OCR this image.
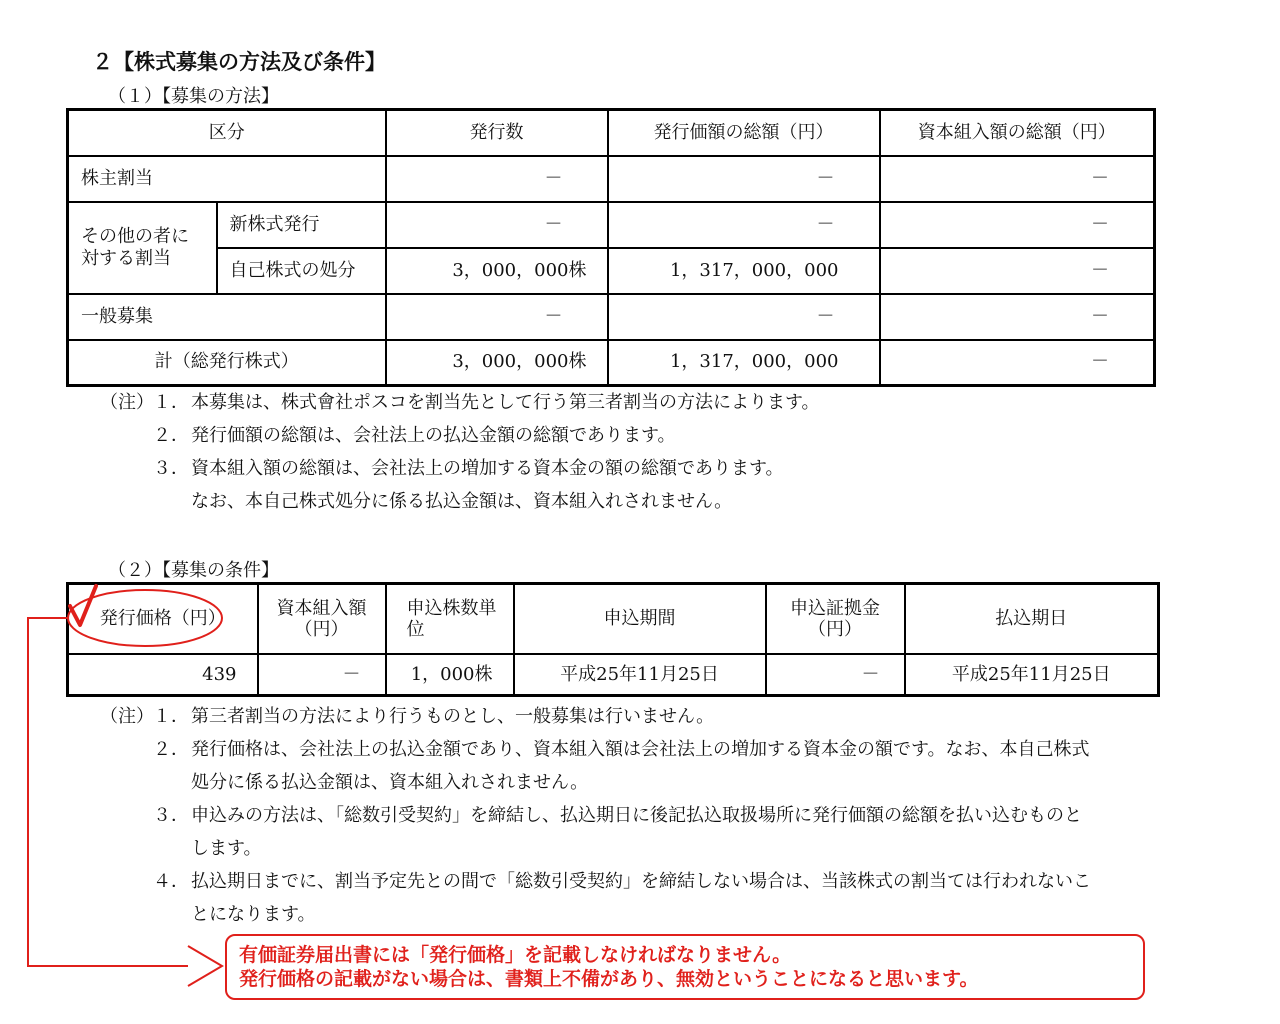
２【株式募集の方法及び条件】
（１）【募集の方法】
区分		発行数	発行価額の総額（円）	資本組入額の総額（円）
株主割当		－	－	－
その他の者に対する割当	新株式発行	－	－	－
	自己株式の処分	3，000，000株	1，317，000，000	－
一般募集		－	－	－
計（総発行株式）		3，000，000株	1，317，000，000	－
（注） １． 本募集は、株式會社ポスコを割当先として行う第三者割当の方法によります。
２． 発行価額の総額は、会社法上の払込金額の総額であります。
３． 資本組入額の総額は、会社法上の増加する資本金の額の総額であります。
なお、本自己株式処分に係る払込金額は、資本組入れされません。
（２）【募集の条件】
発行価格（円）	資本組入額（円）	申込株数単位	申込期間	申込証拠金（円）	払込期日
439	－	1，000株	平成25年11月25日	－	平成25年11月25日
（注） １． 第三者割当の方法により行うものとし、一般募集は行いません。
２． 発行価格は、会社法上の払込金額であり、資本組入額は会社法上の増加する資本金の額です。なお、本自己株式
処分に係る払込金額は、資本組入れされません。
３． 申込みの方法は、「総数引受契約」を締結し、払込期日に後記払込取扱場所に発行価額の総額を払い込むものと
します。
４． 払込期日までに、割当予定先との間で「総数引受契約」を締結しない場合は、当該株式の割当ては行われないこ
とになります。
有価証券届出書には「発行価格」を記載しなければなりません。
発行価格の記載がない場合は、書類上不備があり、無効ということになると思います。
